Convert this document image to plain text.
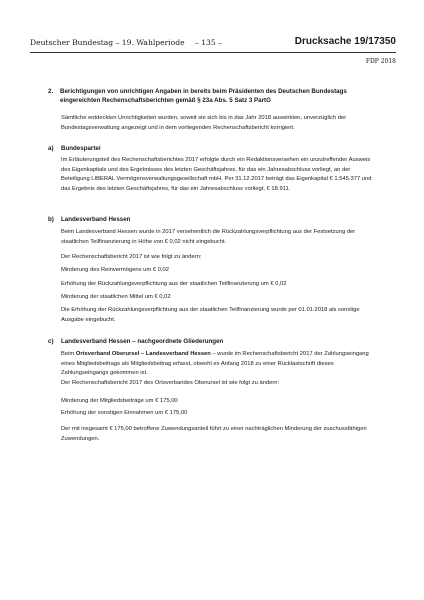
Deutscher Bundestag – 19. Wahlperiode – 135 –	Drucksache 19/17350
FDP 2018
2. Berichtigungen von unrichtigen Angaben in bereits beim Präsidenten des Deutschen Bundestags eingereichten Rechenschaftsberichten gemäß § 23a Abs. 5 Satz 3 PartG
Sämtliche entdeckten Unrichtigkeiten wurden, soweit sie sich bis in das Jahr 2018 auswirkten, unverzüglich der Bundestagsverwaltung angezeigt und in dem vorliegenden Rechenschaftsbericht korrigiert.
a) Bundespartei
Im Erläuterungsteil des Rechenschaftsberichtes 2017 erfolgte durch ein Redaktionsversehen ein unzutreffender Ausweis des Eigenkapitals und des Ergebnisses des letzten Geschäftsjahres, für das ein Jahresabschluss vorliegt, an der Beteiligung LIBERAL Vermögensverwaltungsgesellschaft mbH. Per 31.12.2017 beträgt das Eigenkapital € 1.545.377 und das Ergebnis des letzten Geschäftsjahres, für das ein Jahresabschluss vorliegt, € 18.911.
b) Landesverband Hessen
Beim Landesverband Hessen wurde in 2017 versehentlich die Rückzahlungsverpflichtung aus der Festsetzung der staatlichen Teilfinanzierung in Höhe von € 0,02 nicht eingebucht.
Der Rechenschaftsbericht 2017 ist wie folgt zu ändern:
Minderung des Reinvermögens um € 0,02
Erhöhung der Rückzahlungsverpflichtung aus der staatlichen Teilfinanzierung um € 0,02
Minderung der staatlichen Mittel um € 0,02
Die Erhöhung der Rückzahlungsverpflichtung aus der staatlichen Teilfinanzierung wurde per 01.01.2018 als sonstige Ausgabe eingebucht.
c) Landesverband Hessen – nachgeordnete Gliederungen
Beim Ortsverband Oberursel – Landesverband Hessen – wurde im Rechenschaftsbericht 2017 der Zahlungseingang eines Mitgliedsbeitrags als Mitgliedsbeitrag erfasst, obwohl es Anfang 2018 zu einer Rücklastschrift dieses Zahlungseingangs gekommen ist.
Der Rechenschaftsbericht 2017 des Ortsverbandes Oberursel ist wie folgt zu ändern:
Minderung der Mitgliedsbeiträge um € 175,00
Erhöhung der sonstigen Einnahmen um € 175,00
Der mit insgesamt € 175,00 betroffene Zuwendungsanteil führt zu einer nachträglichen Minderung der zuschussfähigen Zuwendungen.
